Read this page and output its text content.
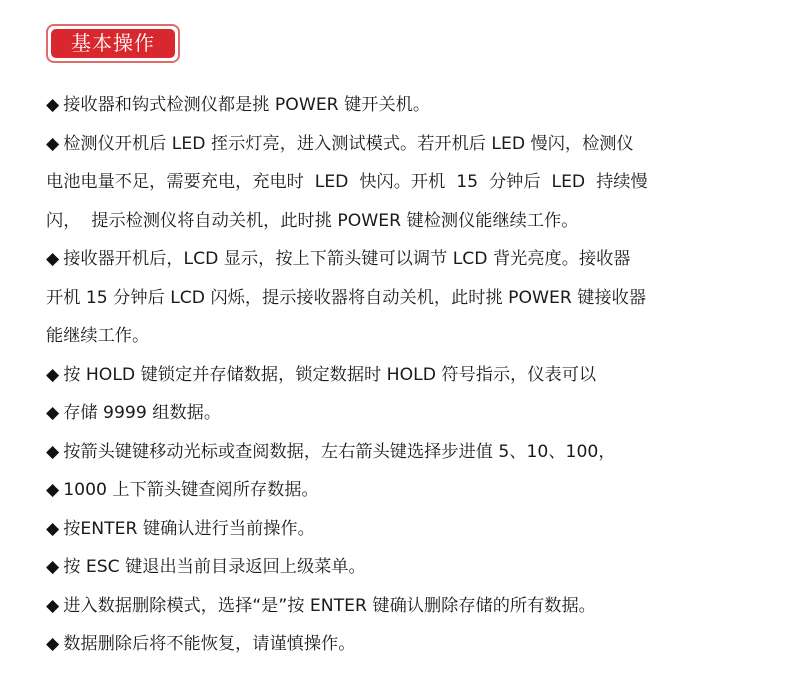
基本操作
◆ 接收器和钩式检测仪都是挑 POWER 键开关机。
◆ 检测仪开机后 LED 挃示灯亮，进入测试模式。若开机后 LED 慢闪，检测仪
电池电量不足，需要充电，充电时  LED  快闪。开机  15  分钟后  LED  持续慢
闪，  提示检测仪将自动关机，此时挑 POWER 键检测仪能继续工作。
◆ 接收器开机后，LCD 显示，按上下箭头键可以调节 LCD 背光亮度。接收器
开机 15 分钟后 LCD 闪烁，提示接收器将自动关机，此时挑 POWER 键接收器
能继续工作。
◆ 按 HOLD 键锁定并存储数据，锁定数据时 HOLD 符号指示，仪表可以
◆ 存储 9999 组数据。
◆ 按箭头键键移动光标或查阅数据，左右箭头键选择步进值 5、10、100，
◆ 1000 上下箭头键查阅所存数据。
◆ 按ENTER 键确认进行当前操作。
◆ 按 ESC 键退出当前目录返回上级菜单。
◆ 进入数据删除模式，选择“是”按 ENTER 键确认删除存储的所有数据。
◆ 数据删除后将不能恢复，请谨慎操作。
